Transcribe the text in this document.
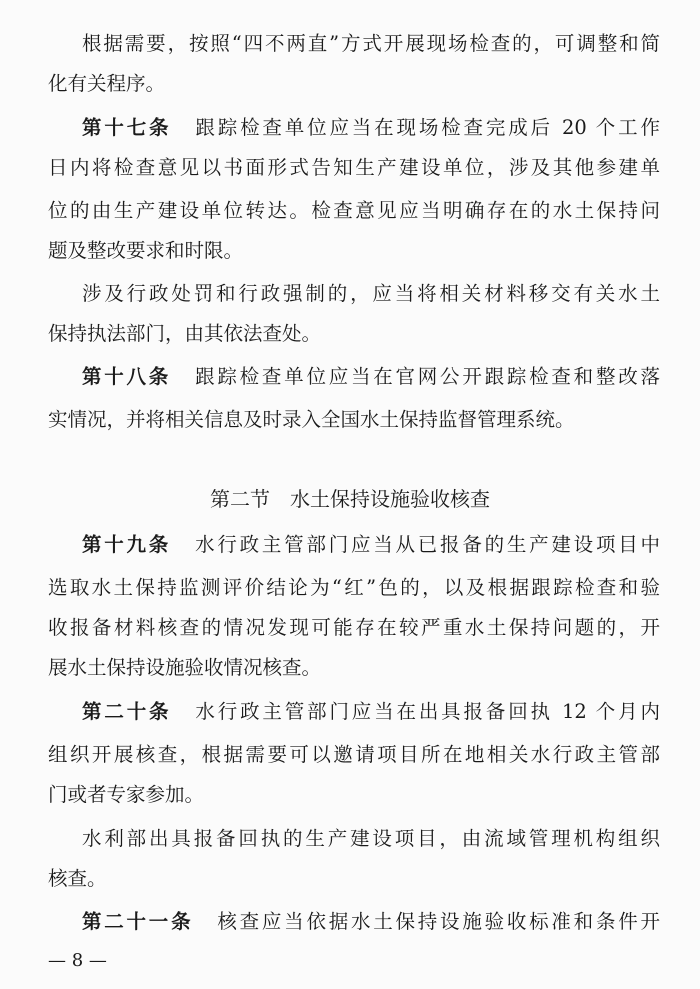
根据需要，按照“四不两直”方式开展现场检查的，可调整和简
化有关程序。
第十七条 跟踪检查单位应当在现场检查完成后 20 个工作
日内将检查意见以书面形式告知生产建设单位，涉及其他参建单
位的由生产建设单位转达。检查意见应当明确存在的水土保持问
题及整改要求和时限。
涉及行政处罚和行政强制的，应当将相关材料移交有关水土
保持执法部门，由其依法查处。
第十八条 跟踪检查单位应当在官网公开跟踪检查和整改落
实情况，并将相关信息及时录入全国水土保持监督管理系统。
第二节 水土保持设施验收核查
第十九条 水行政主管部门应当从已报备的生产建设项目中
选取水土保持监测评价结论为“红”色的，以及根据跟踪检查和验
收报备材料核查的情况发现可能存在较严重水土保持问题的，开
展水土保持设施验收情况核查。
第二十条 水行政主管部门应当在出具报备回执 12 个月内
组织开展核查，根据需要可以邀请项目所在地相关水行政主管部
门或者专家参加。
水利部出具报备回执的生产建设项目，由流域管理机构组织
核查。
第二十一条 核查应当依据水土保持设施验收标准和条件开
— 8 —
